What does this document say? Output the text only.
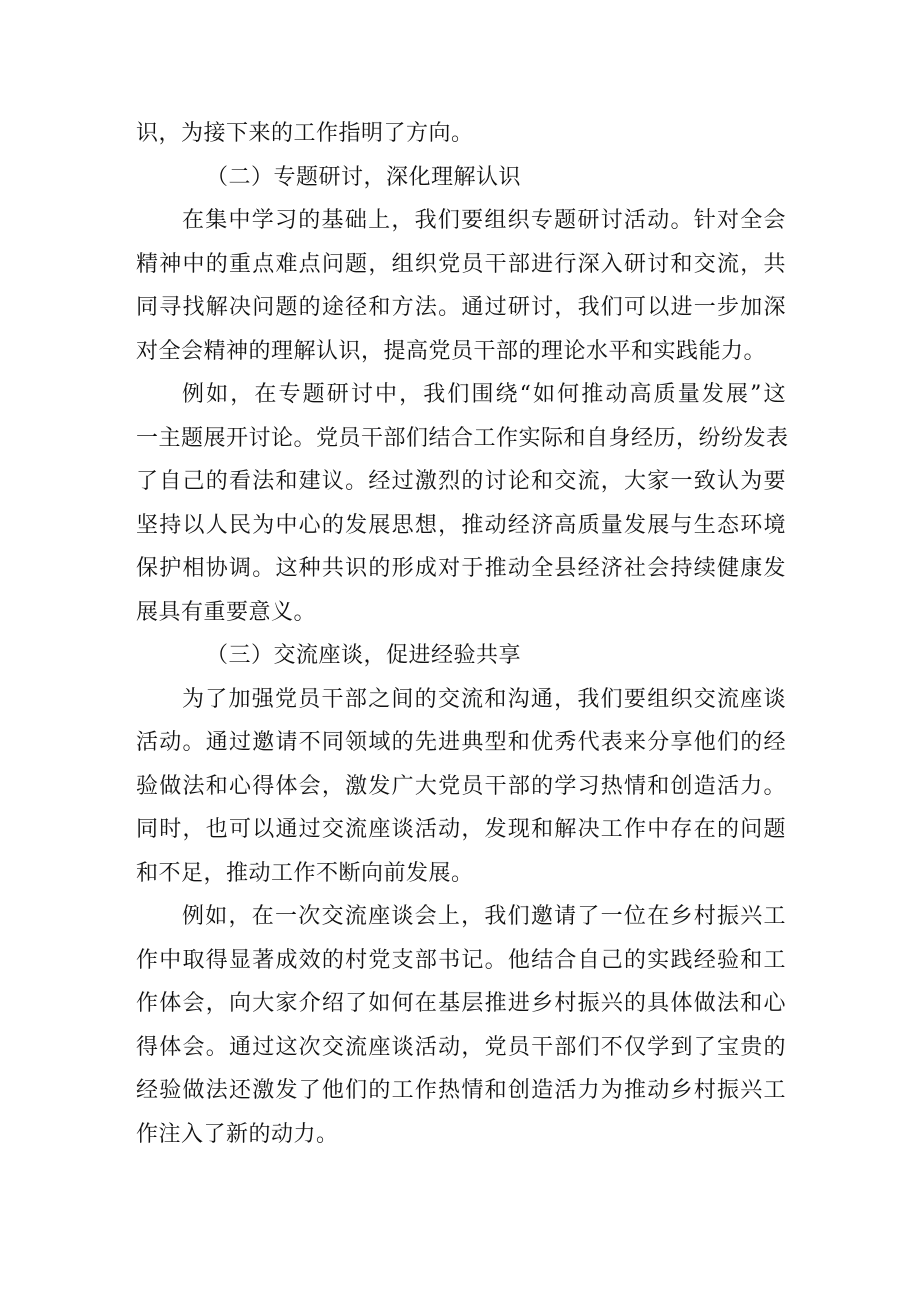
识，为接下来的工作指明了方向。
（二）专题研讨，深化理解认识
在集中学习的基础上，我们要组织专题研讨活动。针对全会
精神中的重点难点问题，组织党员干部进行深入研讨和交流，共
同寻找解决问题的途径和方法。通过研讨，我们可以进一步加深
对全会精神的理解认识，提高党员干部的理论水平和实践能力。
例如，在专题研讨中，我们围绕“如何推动高质量发展”这
一主题展开讨论。党员干部们结合工作实际和自身经历，纷纷发表
了自己的看法和建议。经过激烈的讨论和交流，大家一致认为要
坚持以人民为中心的发展思想，推动经济高质量发展与生态环境
保护相协调。这种共识的形成对于推动全县经济社会持续健康发
展具有重要意义。
（三）交流座谈，促进经验共享
为了加强党员干部之间的交流和沟通，我们要组织交流座谈
活动。通过邀请不同领域的先进典型和优秀代表来分享他们的经
验做法和心得体会，激发广大党员干部的学习热情和创造活力。
同时，也可以通过交流座谈活动，发现和解决工作中存在的问题
和不足，推动工作不断向前发展。
例如，在一次交流座谈会上，我们邀请了一位在乡村振兴工
作中取得显著成效的村党支部书记。他结合自己的实践经验和工
作体会，向大家介绍了如何在基层推进乡村振兴的具体做法和心
得体会。通过这次交流座谈活动，党员干部们不仅学到了宝贵的
经验做法还激发了他们的工作热情和创造活力为推动乡村振兴工
作注入了新的动力。
